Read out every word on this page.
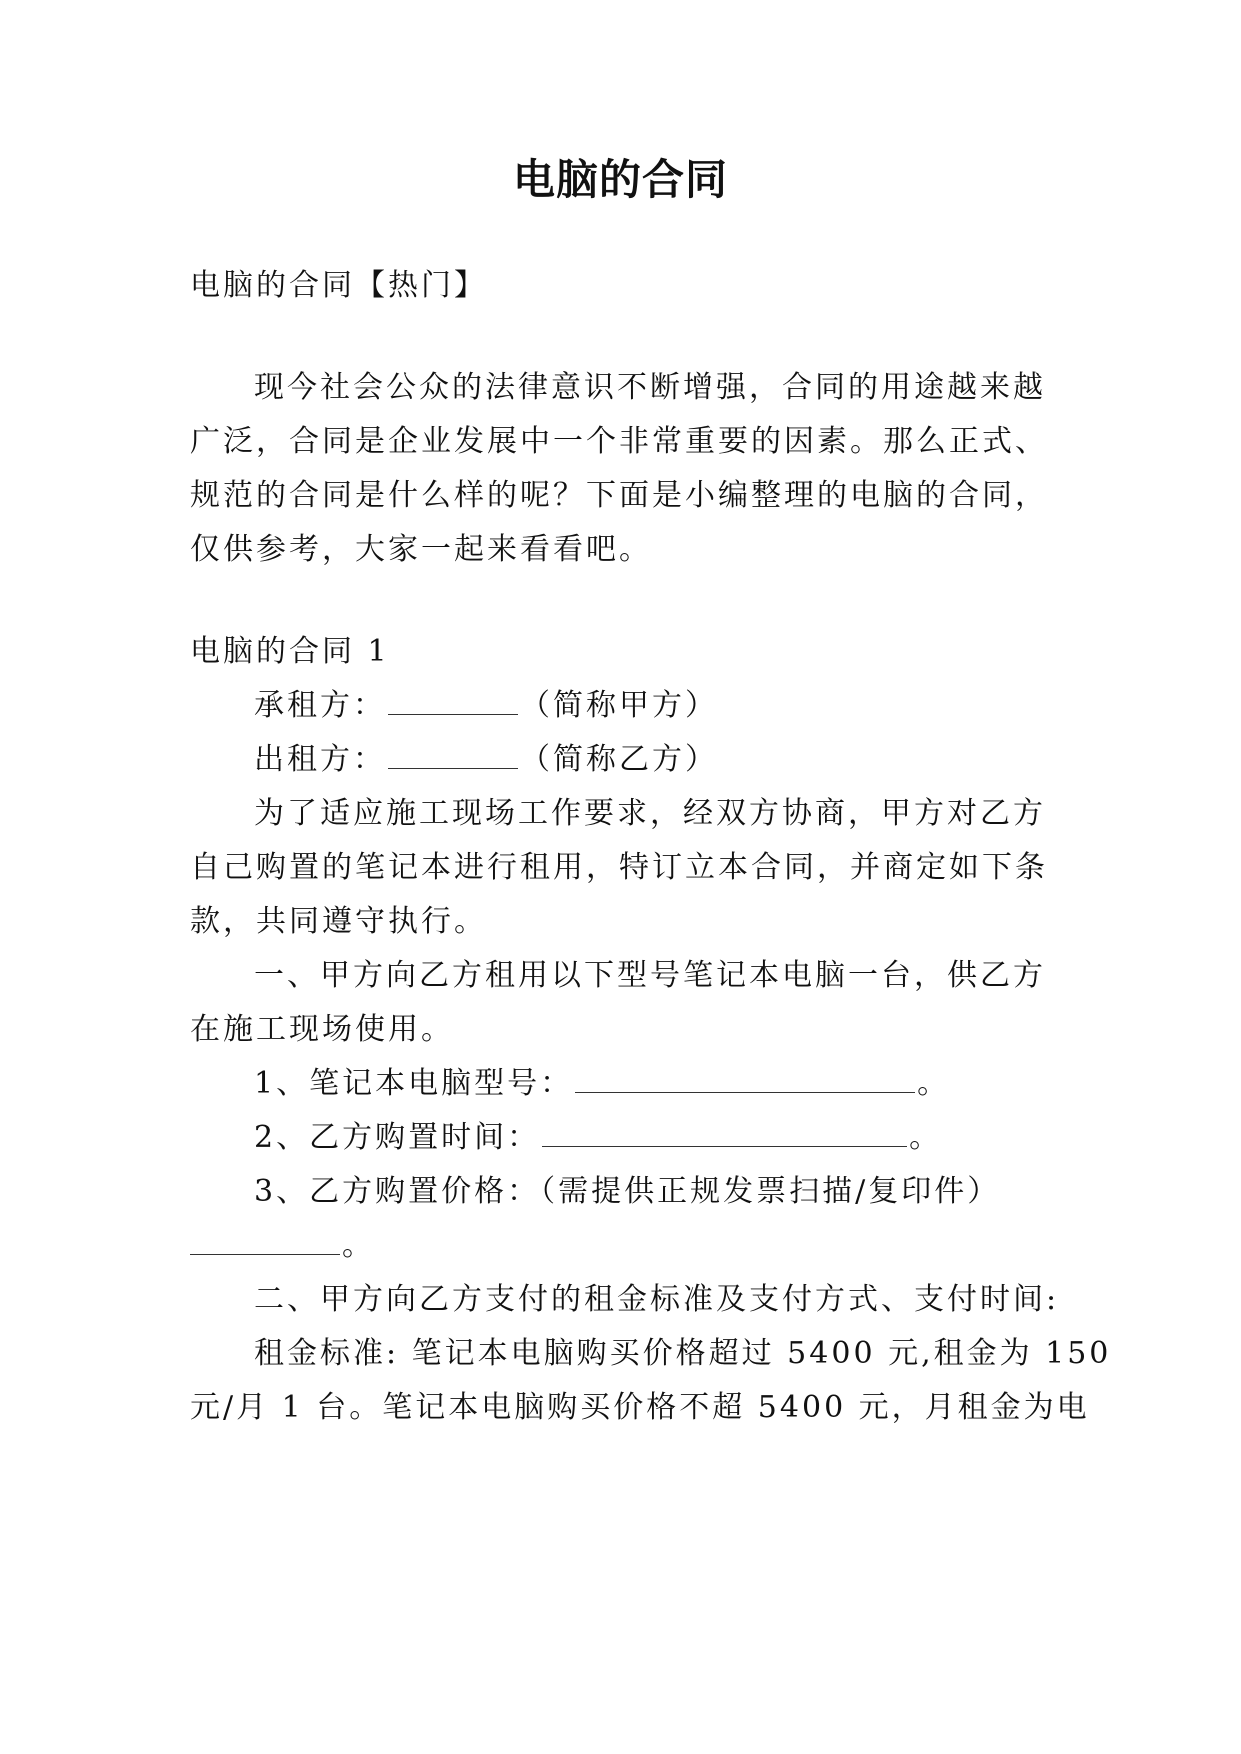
电脑的合同
电脑的合同【热门】
现今社会公众的法律意识不断增强，合同的用途越来越
广泛，合同是企业发展中一个非常重要的因素。那么正式、
规范的合同是什么样的呢？下面是小编整理的电脑的合同，
仅供参考，大家一起来看看吧。
电脑的合同 1
承租方：	（简称甲方）
出租方：	（简称乙方）
为了适应施工现场工作要求，经双方协商，甲方对乙方
自己购置的笔记本进行租用，特订立本合同，并商定如下条
款，共同遵守执行。
一、甲方向乙方租用以下型号笔记本电脑一台，供乙方
在施工现场使用。
1、笔记本电脑型号：	。
2、乙方购置时间：	。
3、乙方购置价格：（需提供正规发票扫描/复印件）
。
二、甲方向乙方支付的租金标准及支付方式、支付时间:
租金标准: 笔记本电脑购买价格超过 5400 元,租金为 150
元/月 1 台。笔记本电脑购买价格不超 5400 元，月租金为电
